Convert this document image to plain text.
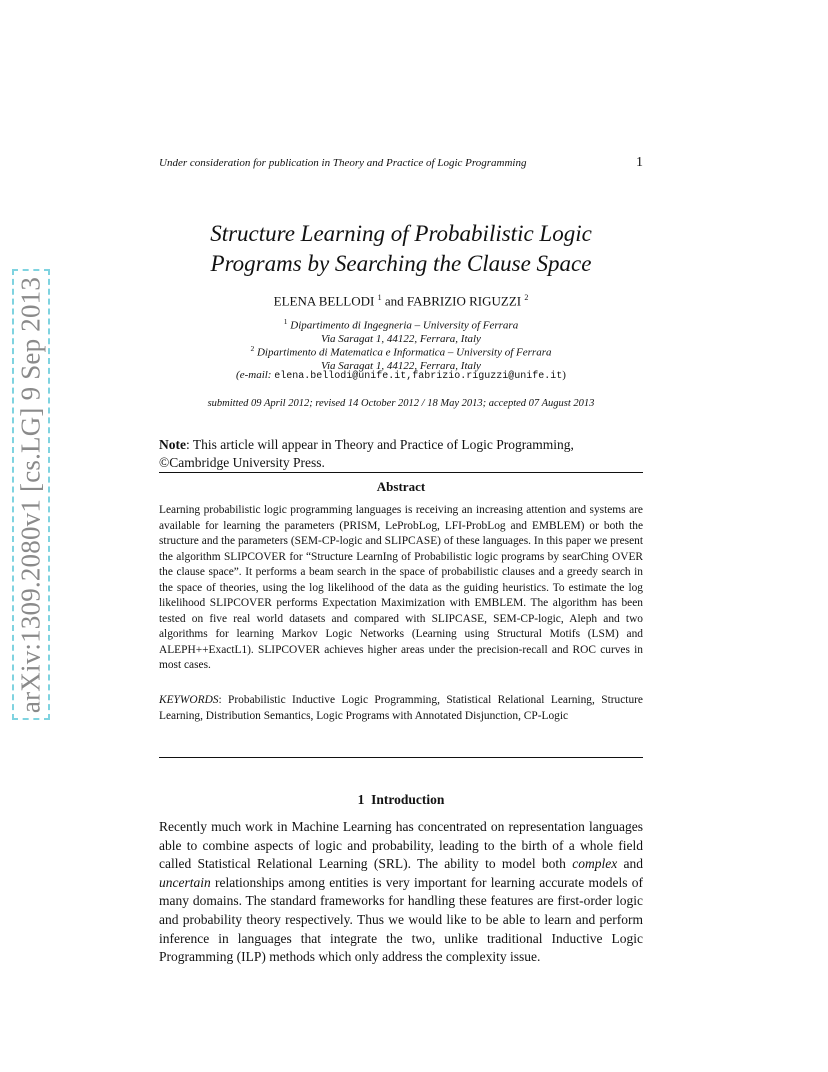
arXiv:1309.2080v1 [cs.LG] 9 Sep 2013
Under consideration for publication in Theory and Practice of Logic Programming	1
Structure Learning of Probabilistic Logic
Programs by Searching the Clause Space
ELENA BELLODI $^1$ and FABRIZIO RIGUZZI $^2$
$^1$ Dipartimento di Ingegneria – University of Ferrara
Via Saragat 1, 44122, Ferrara, Italy
$^2$ Dipartimento di Matematica e Informatica – University of Ferrara
Via Saragat 1, 44122, Ferrara, Italy
(e-mail: elena.bellodi@unife.it,fabrizio.riguzzi@unife.it)
submitted 09 April 2012; revised 14 October 2012 / 18 May 2013; accepted 07 August 2013
Note: This article will appear in Theory and Practice of Logic Programming,
©Cambridge University Press.
Abstract
Learning probabilistic logic programming languages is receiving an increasing attention and systems are available for learning the parameters (PRISM, LeProbLog, LFI-ProbLog and EMBLEM) or both the structure and the parameters (SEM-CP-logic and SLIPCASE) of these languages. In this paper we present the algorithm SLIPCOVER for “Structure LearnIng of Probabilistic logic programs by searChing OVER the clause space”. It performs a beam search in the space of probabilistic clauses and a greedy search in the space of theories, using the log likelihood of the data as the guiding heuristics. To estimate the log likelihood SLIPCOVER performs Expectation Maximization with EMBLEM. The algorithm has been tested on five real world datasets and compared with SLIPCASE, SEM-CP-logic, Aleph and two algorithms for learning Markov Logic Networks (Learning using Structural Motifs (LSM) and ALEPH++ExactL1). SLIPCOVER achieves higher areas under the precision-recall and ROC curves in most cases.
KEYWORDS: Probabilistic Inductive Logic Programming, Statistical Relational Learning, Structure Learning, Distribution Semantics, Logic Programs with Annotated Disjunction, CP-Logic
1 Introduction
Recently much work in Machine Learning has concentrated on representation languages able to combine aspects of logic and probability, leading to the birth of a whole field called Statistical Relational Learning (SRL). The ability to model both complex and uncertain relationships among entities is very important for learning accurate models of many domains. The standard frameworks for handling these features are first-order logic and probability theory respectively. Thus we would like to be able to learn and perform inference in languages that integrate the two, unlike traditional Inductive Logic Programming (ILP) methods which only address the complexity issue.
